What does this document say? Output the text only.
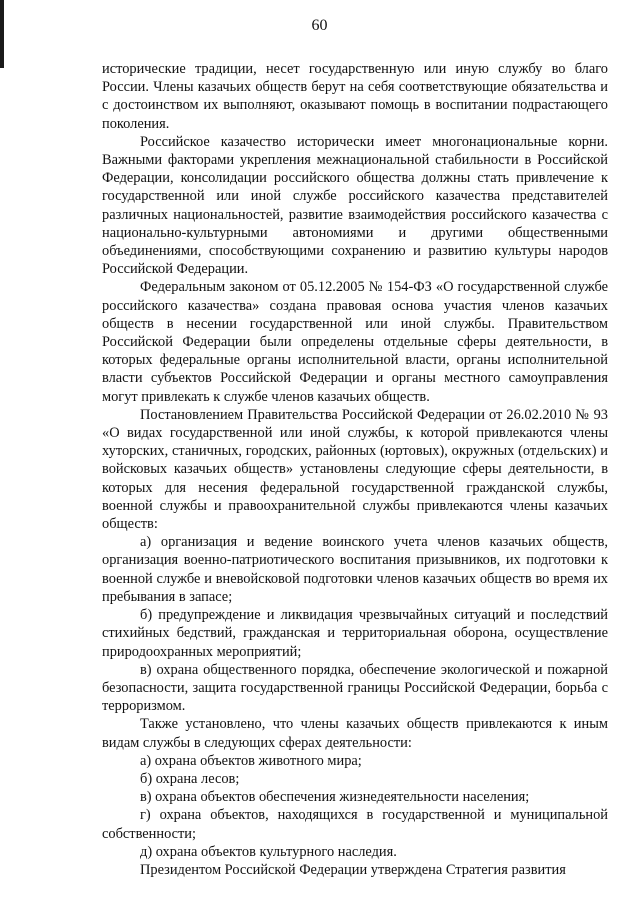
60

исторические традиции, несет государственную или иную службу во благо России. Члены казачьих обществ берут на себя соответствующие обязательства и с достоинством их выполняют, оказывают помощь в воспитании подрастающего поколения.

Российское казачество исторически имеет многонациональные корни. Важными факторами укрепления межнациональной стабильности в Российской Федерации, консолидации российского общества должны стать привлечение к государственной или иной службе российского казачества представителей различных национальностей, развитие взаимодействия российского казачества с национально-культурными автономиями и другими общественными объединениями, способствующими сохранению и развитию культуры народов Российской Федерации.

Федеральным законом от 05.12.2005 № 154-ФЗ «О государственной службе российского казачества» создана правовая основа участия членов казачьих обществ в несении государственной или иной службы. Правительством Российской Федерации были определены отдельные сферы деятельности, в которых федеральные органы исполнительной власти, органы исполнительной власти субъектов Российской Федерации и органы местного самоуправления могут привлекать к службе членов казачьих обществ.

Постановлением Правительства Российской Федерации от 26.02.2010 № 93 «О видах государственной или иной службы, к которой привлекаются члены хуторских, станичных, городских, районных (юртовых), окружных (отдельских) и войсковых казачьих обществ» установлены следующие сферы деятельности, в которых для несения федеральной государственной гражданской службы, военной службы и правоохранительной службы привлекаются члены казачьих обществ:

а) организация и ведение воинского учета членов казачьих обществ, организация военно-патриотического воспитания призывников, их подготовки к военной службе и вневойсковой подготовки членов казачьих обществ во время их пребывания в запасе;

б) предупреждение и ликвидация чрезвычайных ситуаций и последствий стихийных бедствий, гражданская и территориальная оборона, осуществление природоохранных мероприятий;

в) охрана общественного порядка, обеспечение экологической и пожарной безопасности, защита государственной границы Российской Федерации, борьба с терроризмом.

Также установлено, что члены казачьих обществ привлекаются к иным видам службы в следующих сферах деятельности:

а) охрана объектов животного мира;

б) охрана лесов;

в) охрана объектов обеспечения жизнедеятельности населения;

г) охрана объектов, находящихся в государственной и муниципальной собственности;

д) охрана объектов культурного наследия.

Президентом Российской Федерации утверждена Стратегия развития
